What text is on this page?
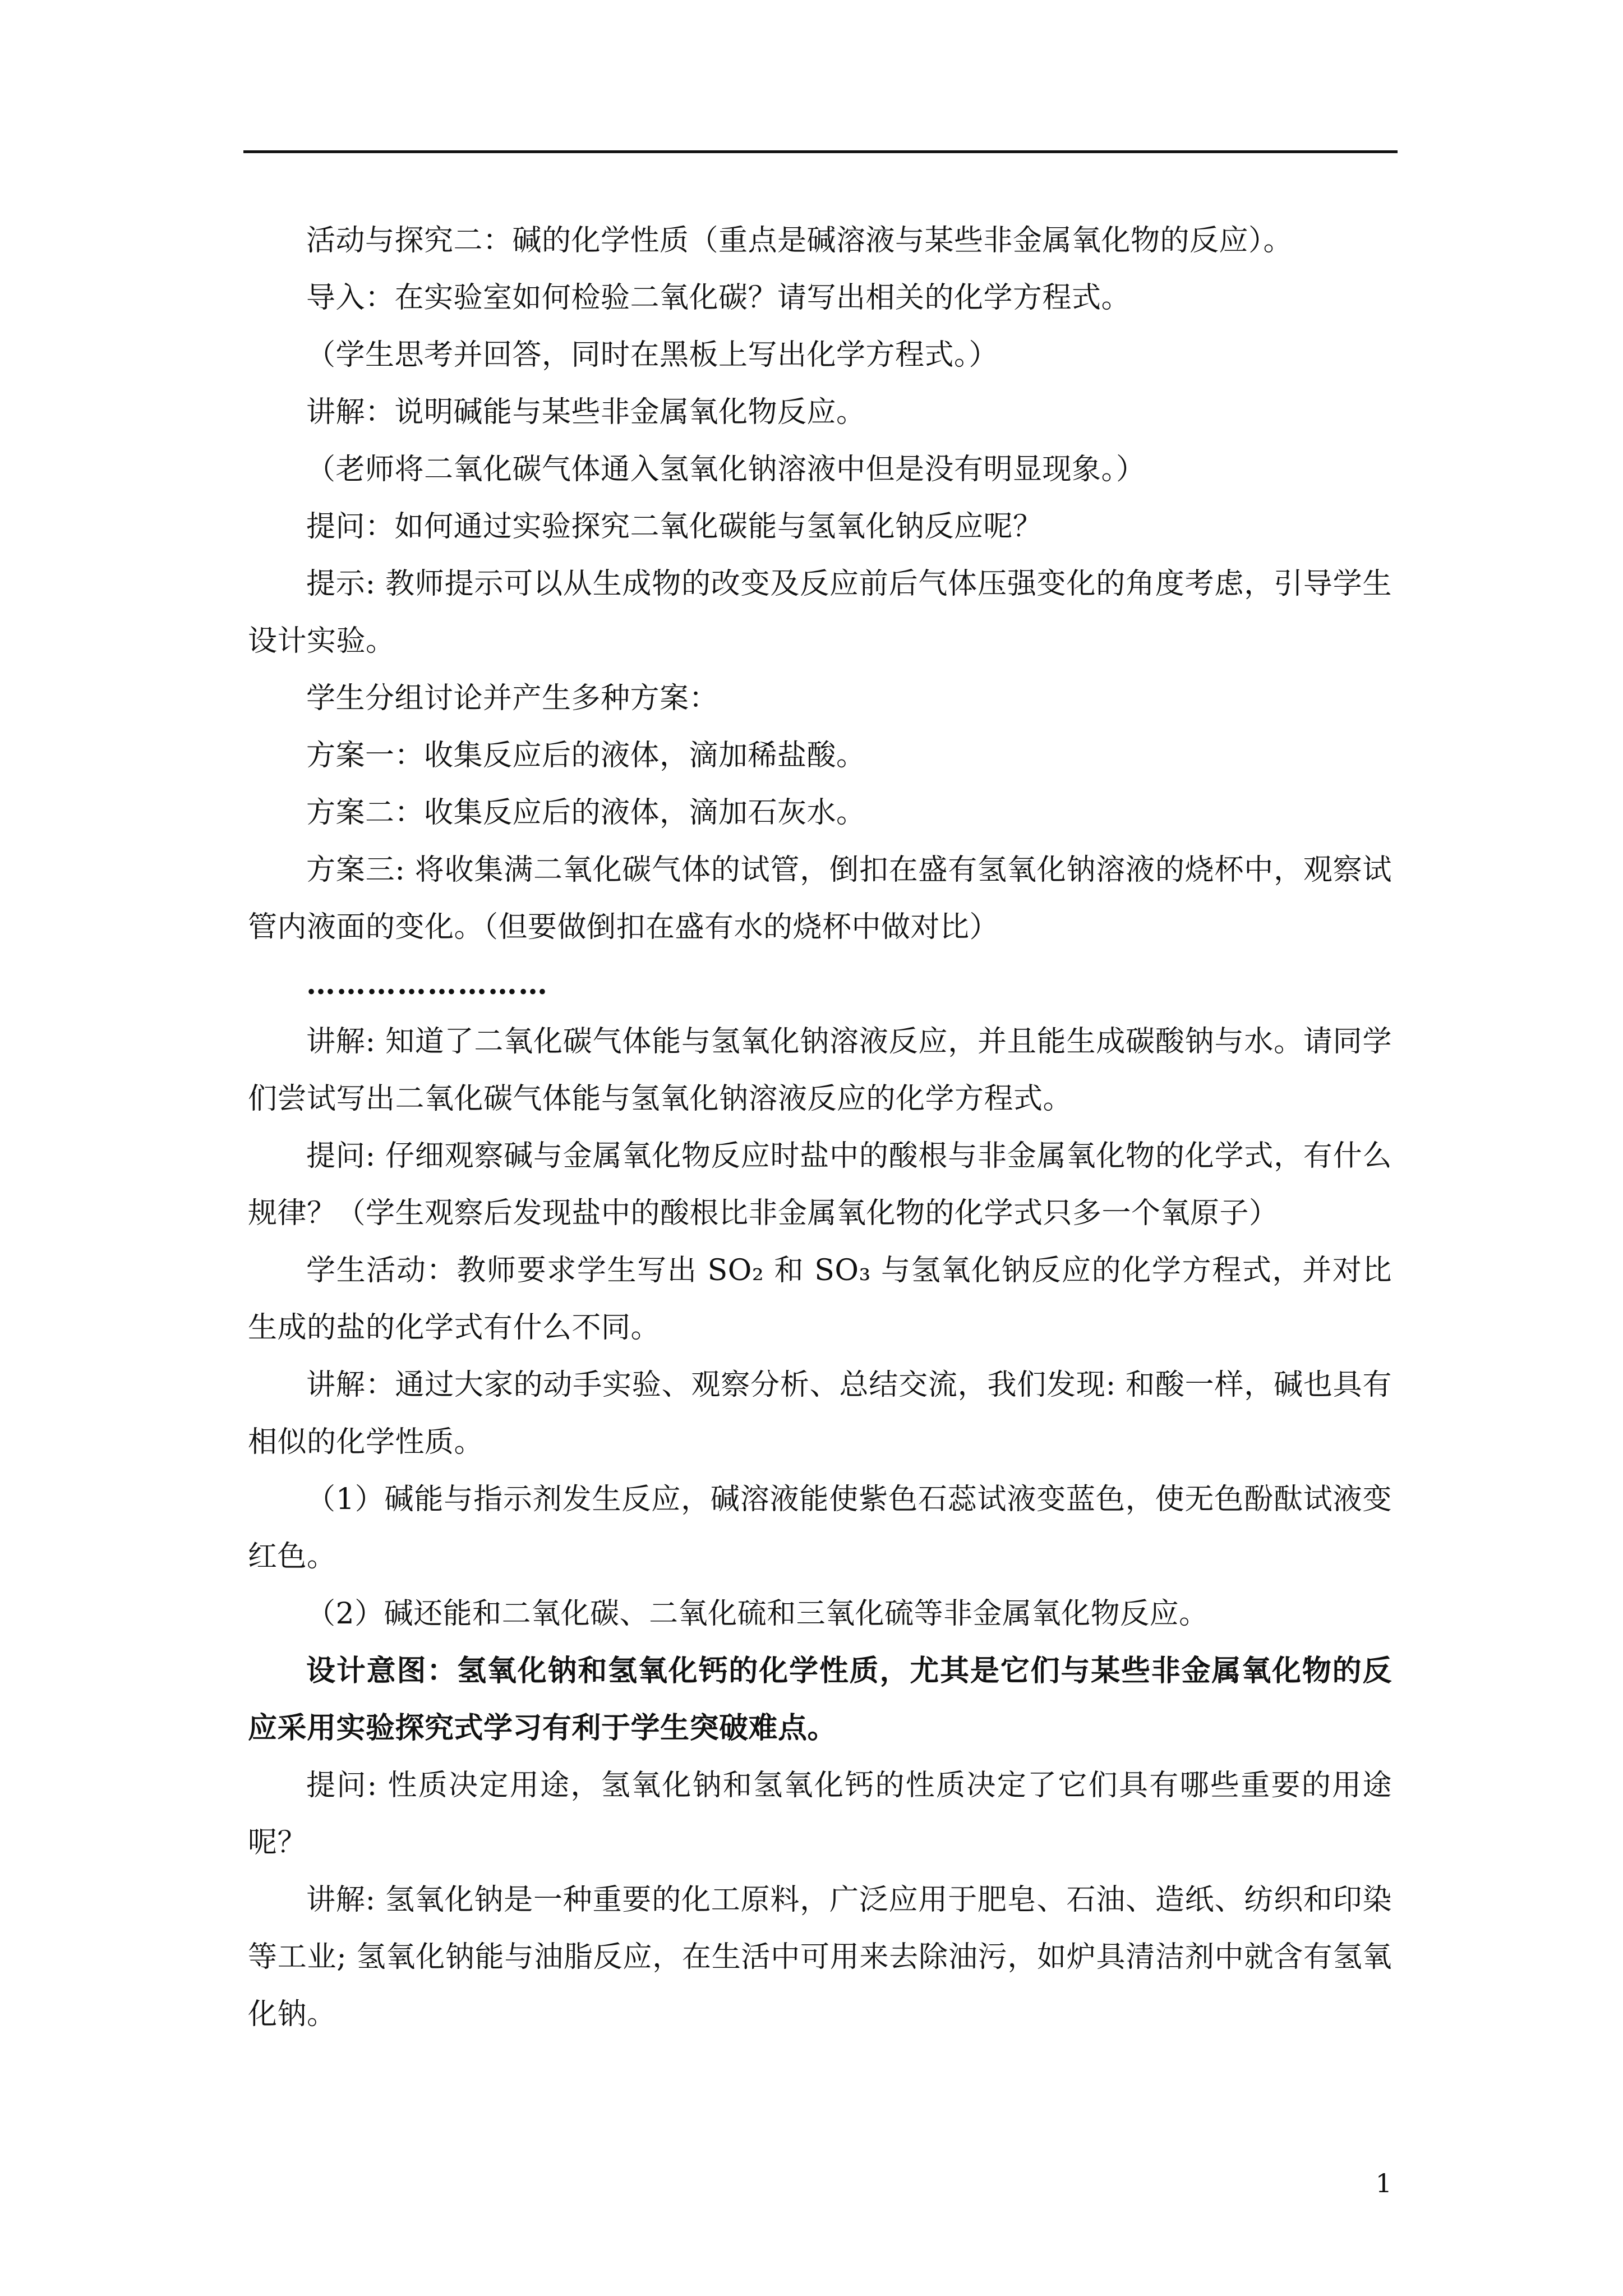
活动与探究二：碱的化学性质（重点是碱溶液与某些非金属氧化物的反应）。

导入：在实验室如何检验二氧化碳？请写出相关的化学方程式。

（学生思考并回答，同时在黑板上写出化学方程式。）

讲解：说明碱能与某些非金属氧化物反应。

（老师将二氧化碳气体通入氢氧化钠溶液中但是没有明显现象。）

提问：如何通过实验探究二氧化碳能与氢氧化钠反应呢？

提示: 教师提示可以从生成物的改变及反应前后气体压强变化的角度考虑，引导学生设计实验。

学生分组讨论并产生多种方案：

方案一：收集反应后的液体，滴加稀盐酸。

方案二：收集反应后的液体，滴加石灰水。

方案三: 将收集满二氧化碳气体的试管，倒扣在盛有氢氧化钠溶液的烧杯中，观察试管内液面的变化。（但要做倒扣在盛有水的烧杯中做对比）

……………………

讲解: 知道了二氧化碳气体能与氢氧化钠溶液反应，并且能生成碳酸钠与水。请同学们尝试写出二氧化碳气体能与氢氧化钠溶液反应的化学方程式。

提问: 仔细观察碱与金属氧化物反应时盐中的酸根与非金属氧化物的化学式，有什么规律？（学生观察后发现盐中的酸根比非金属氧化物的化学式只多一个氧原子）

学生活动：教师要求学生写出 SO₂ 和 SO₃ 与氢氧化钠反应的化学方程式，并对比生成的盐的化学式有什么不同。

讲解：通过大家的动手实验、观察分析、总结交流，我们发现: 和酸一样，碱也具有相似的化学性质。

（1）碱能与指示剂发生反应，碱溶液能使紫色石蕊试液变蓝色，使无色酚酞试液变红色。

（2）碱还能和二氧化碳、二氧化硫和三氧化硫等非金属氧化物反应。

设计意图：氢氧化钠和氢氧化钙的化学性质，尤其是它们与某些非金属氧化物的反应采用实验探究式学习有利于学生突破难点。

提问: 性质决定用途，氢氧化钠和氢氧化钙的性质决定了它们具有哪些重要的用途呢？

讲解: 氢氧化钠是一种重要的化工原料，广泛应用于肥皂、石油、造纸、纺织和印染等工业; 氢氧化钠能与油脂反应，在生活中可用来去除油污，如炉具清洁剂中就含有氢氧化钠。

1
